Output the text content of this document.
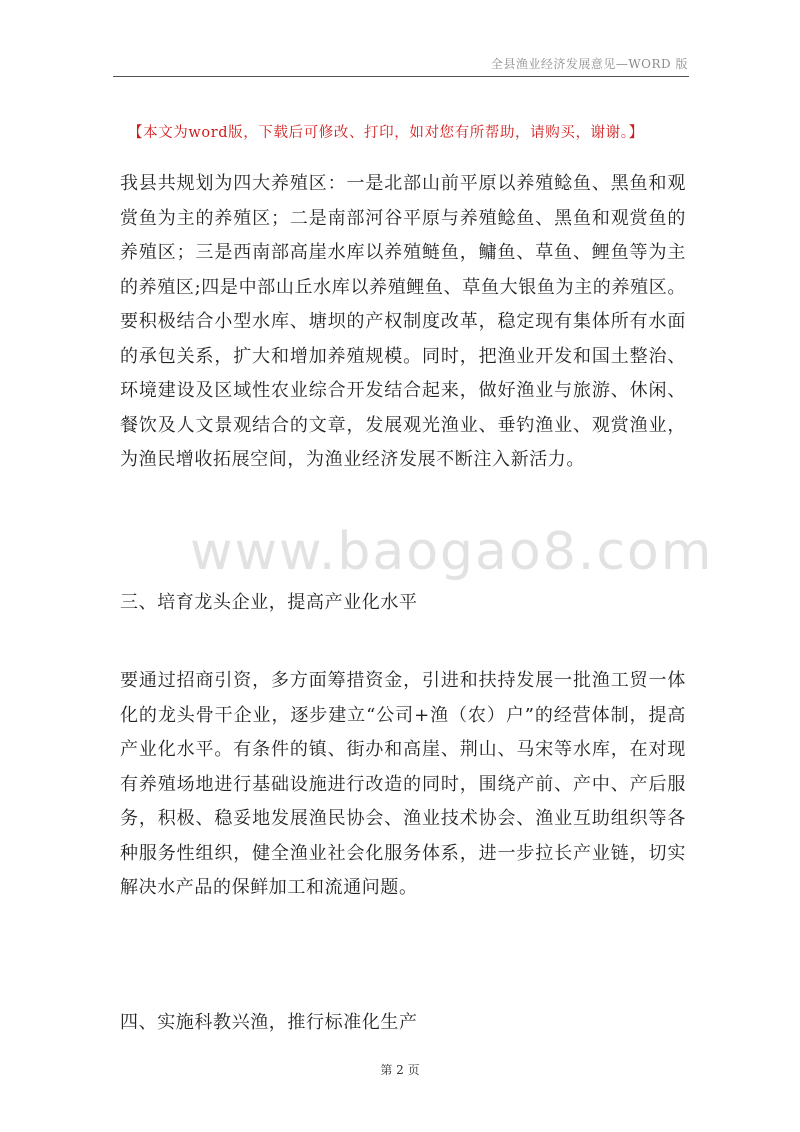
全县渔业经济发展意见—WORD 版
【本文为word版，下载后可修改、打印，如对您有所帮助，请购买，谢谢。】
我县共规划为四大养殖区：一是北部山前平原以养殖鲶鱼、黑鱼和观赏鱼为主的养殖区；二是南部河谷平原与养殖鲶鱼、黑鱼和观赏鱼的养殖区；三是西南部高崖水库以养殖鲢鱼，鳙鱼、草鱼、鲤鱼等为主的养殖区;四是中部山丘水库以养殖鲤鱼、草鱼大银鱼为主的养殖区。要积极结合小型水库、塘坝的产权制度改革，稳定现有集体所有水面的承包关系，扩大和增加养殖规模。同时，把渔业开发和国土整治、环境建设及区域性农业综合开发结合起来，做好渔业与旅游、休闲、餐饮及人文景观结合的文章，发展观光渔业、垂钓渔业、观赏渔业，为渔民增收拓展空间，为渔业经济发展不断注入新活力。
www.baogao8.com
三、培育龙头企业，提高产业化水平
要通过招商引资，多方面筹措资金，引进和扶持发展一批渔工贸一体化的龙头骨干企业，逐步建立“公司+渔（农）户”的经营体制，提高产业化水平。有条件的镇、街办和高崖、荆山、马宋等水库，在对现有养殖场地进行基础设施进行改造的同时，围绕产前、产中、产后服务，积极、稳妥地发展渔民协会、渔业技术协会、渔业互助组织等各种服务性组织，健全渔业社会化服务体系，进一步拉长产业链，切实解决水产品的保鲜加工和流通问题。
四、实施科教兴渔，推行标准化生产
第 2 页
